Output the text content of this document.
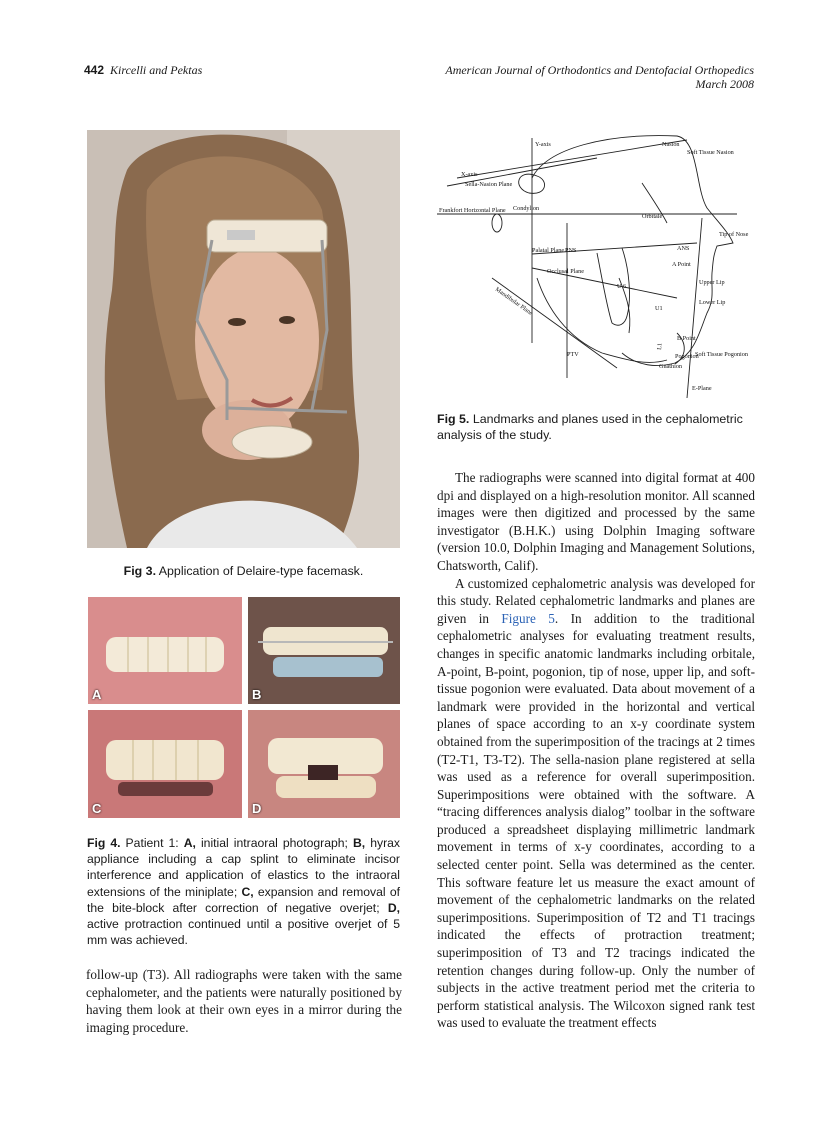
442 Kircelli and Pektas	American Journal of Orthodontics and Dentofacial Orthopedics
March 2008
Fig 3. Application of Delaire-type facemask.
A	B
C	D
Fig 4. Patient 1: A, initial intraoral photograph; B, hyrax appliance including a cap splint to eliminate incisor interference and application of elastics to the intraoral extensions of the miniplate; C, expansion and removal of the bite-block after correction of negative overjet; D, active protraction continued until a positive overjet of 5 mm was achieved.

follow-up (T3). All radiographs were taken with the same cephalometer, and the patients were naturally positioned by having them look at their own eyes in a mirror during the imaging procedure.

Y-axis
X-axis
Sella-Nasion Plane
Frankfort Horizontal Plane Condylion
Nasion
Soft Tissue Nasion
Orbitale
Tip of Nose
Palatal Plane PNS	ANS
A Point
Occlusal Plane
U 6
Upper Lip
Lower Lip
U1
Mandibular Plane
B Point
PTV
L1
Pogonion
Soft Tissue Pogonion
Gnathion
E-Plane
Fig 5. Landmarks and planes used in the cephalometric analysis of the study.

The radiographs were scanned into digital format at 400 dpi and displayed on a high-resolution monitor. All scanned images were then digitized and processed by the same investigator (B.H.K.) using Dolphin Imaging software (version 10.0, Dolphin Imaging and Management Solutions, Chatsworth, Calif).

A customized cephalometric analysis was developed for this study. Related cephalometric landmarks and planes are given in Figure 5. In addition to the traditional cephalometric analyses for evaluating treatment results, changes in specific anatomic landmarks including orbitale, A-point, B-point, pogonion, tip of nose, upper lip, and soft-tissue pogonion were evaluated. Data about movement of a landmark were provided in the horizontal and vertical planes of space according to an x-y coordinate system obtained from the superimposition of the tracings at 2 times (T2-T1, T3-T2). The sella-nasion plane registered at sella was used as a reference for overall superimposition. Superimpositions were obtained with the software. A “tracing differences analysis dialog” toolbar in the software produced a spreadsheet displaying millimetric landmark movement in terms of x-y coordinates, according to a selected center point. Sella was determined as the center. This software feature let us measure the exact amount of movement of the cephalometric landmarks on the related superimpositions. Superimposition of T2 and T1 tracings indicated the effects of protraction treatment; superimposition of T3 and T2 tracings indicated the retention changes during follow-up. Only the number of subjects in the active treatment period met the criteria to perform statistical analysis. The Wilcoxon signed rank test was used to evaluate the treatment effects
